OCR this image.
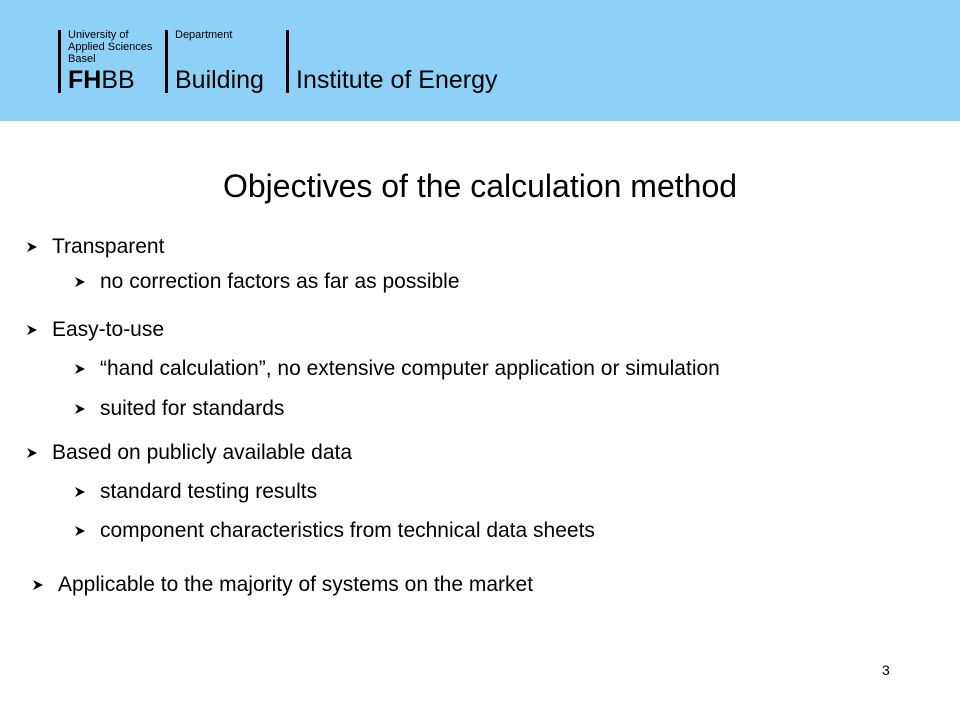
University of
Applied Sciences
Basel
FHBB
Department
Building Institute of Energy
Objectives of the calculation method
Transparent
no correction factors as far as possible
Easy-to-use
“hand calculation”, no extensive computer application or simulation
suited for standards
Based on publicly available data
standard testing results
component characteristics from technical data sheets
Applicable to the majority of systems on the market
3
